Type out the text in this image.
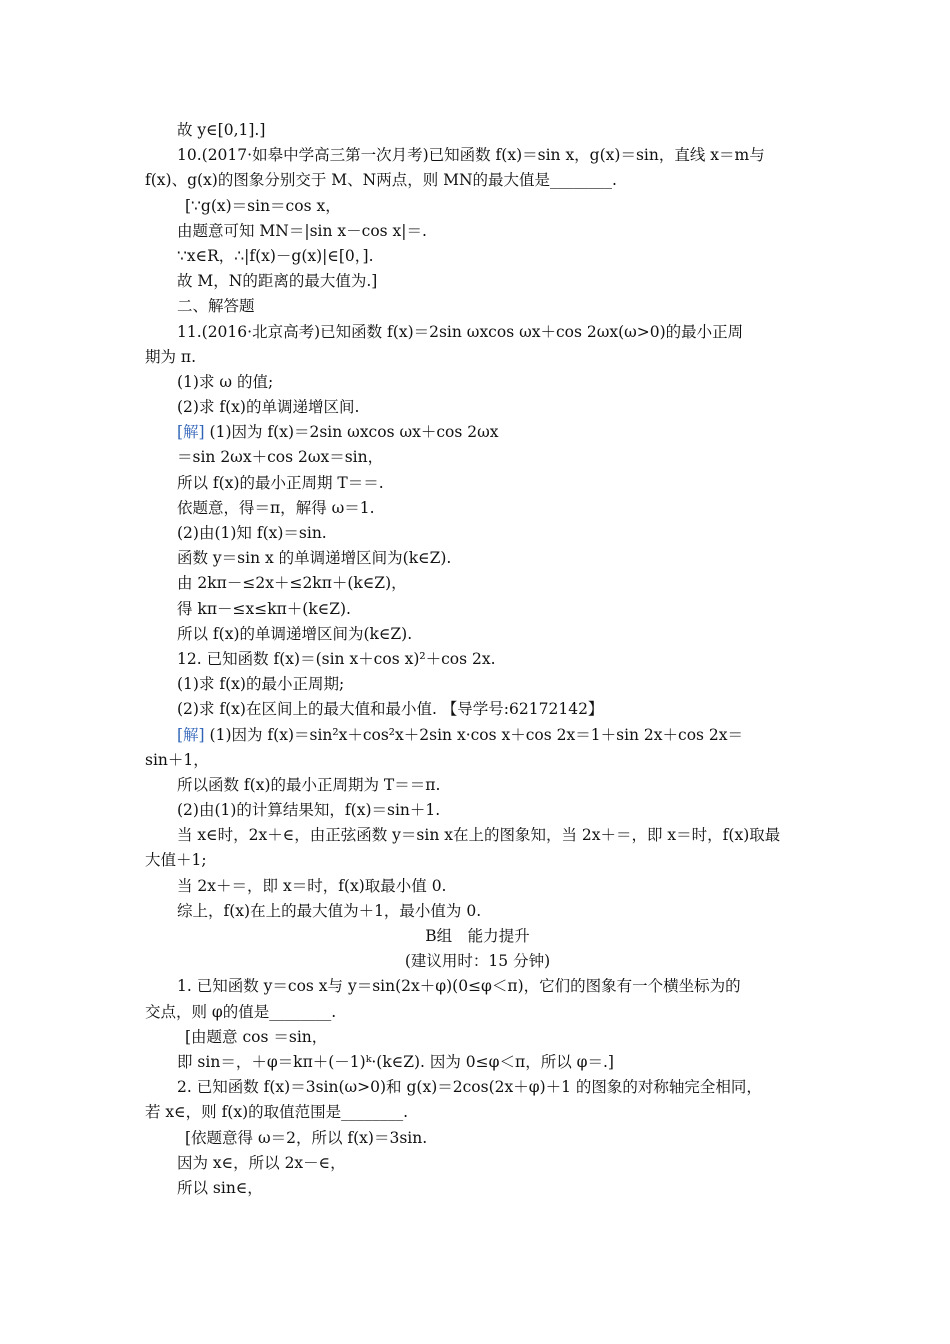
故 y∈[0,1].]
10.(2017·如皋中学高三第一次月考)已知函数 f(x)＝sin x，g(x)＝sin，直线 x＝m与
f(x)、g(x)的图象分别交于 M、N两点，则 MN的最大值是________.
[∵g(x)＝sin＝cos x，
由题意可知 MN＝|sin x－cos x|＝.
∵x∈R，∴|f(x)－g(x)|∈[0，].
故 M，N的距离的最大值为.]
二、解答题
11.(2016·北京高考)已知函数 f(x)＝2sin ωxcos ωx＋cos 2ωx(ω>0)的最小正周
期为 π.
(1)求 ω 的值;
(2)求 f(x)的单调递增区间.
[解] (1)因为 f(x)＝2sin ωxcos ωx＋cos 2ωx
＝sin 2ωx＋cos 2ωx＝sin，
所以 f(x)的最小正周期 T＝＝.
依题意，得＝π，解得 ω＝1.
(2)由(1)知 f(x)＝sin.
函数 y＝sin x 的单调递增区间为(k∈Z).
由 2kπ－≤2x＋≤2kπ＋(k∈Z)，
得 kπ－≤x≤kπ＋(k∈Z).
所以 f(x)的单调递增区间为(k∈Z).
12. 已知函数 f(x)＝(sin x＋cos x)²＋cos 2x.
(1)求 f(x)的最小正周期;
(2)求 f(x)在区间上的最大值和最小值. 【导学号:62172142】
[解] (1)因为 f(x)＝sin²x＋cos²x＋2sin x·cos x＋cos 2x＝1＋sin 2x＋cos 2x＝
sin＋1，
所以函数 f(x)的最小正周期为 T＝＝π.
(2)由(1)的计算结果知，f(x)＝sin＋1.
当 x∈时，2x＋∈，由正弦函数 y＝sin x在上的图象知，当 2x＋＝，即 x＝时，f(x)取最
大值＋1;
当 2x＋＝，即 x＝时，f(x)取最小值 0.
综上，f(x)在上的最大值为＋1，最小值为 0.
B组　能力提升
(建议用时：15 分钟)
1. 已知函数 y＝cos x与 y＝sin(2x＋φ)(0≤φ＜π)，它们的图象有一个横坐标为的
交点，则 φ的值是________.
[由题意 cos ＝sin，
即 sin＝，＋φ＝kπ＋(－1)ᵏ·(k∈Z). 因为 0≤φ＜π，所以 φ＝.]
2. 已知函数 f(x)＝3sin(ω>0)和 g(x)＝2cos(2x＋φ)＋1 的图象的对称轴完全相同，
若 x∈，则 f(x)的取值范围是________.
[依题意得 ω＝2，所以 f(x)＝3sin.
因为 x∈，所以 2x－∈，
所以 sin∈，
